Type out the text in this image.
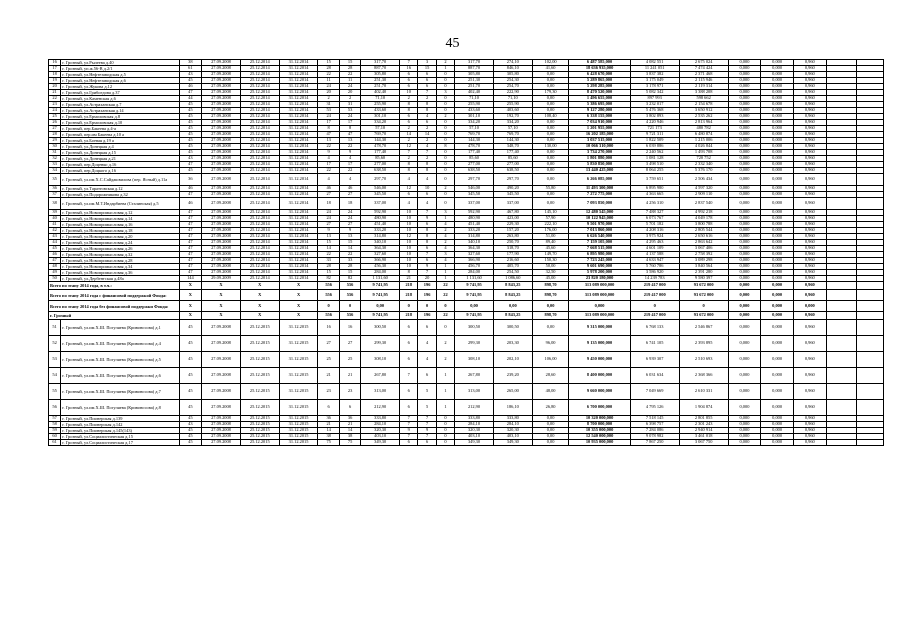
45
16	г. Грозный, ул.Рылеева д.40	38	27.09.2008	25.12.2014	31.12.2014	15	15	317,70	7	3	2	317,70	274,10	102,00	6 487 585,000	4 082 551	2 675 024	0,000	0,000	0,960		
17	г. Грозный, уп.ж.56-В д.2/1	61	27.09.2008	25.12.2014	31.12.2014	28	28	887,70	16	15	1	887,70	846,10	41,60	18 636 935,000	11 241 051	7 474 424	0,000	0,000	0,960		
18	г. Грозный, ул.Нефтезаводская д.5	43	27.09.2008	25.12.2014	31.12.2014	22	22	305,80	6	6	0	305,80	305,80	0,00	6 428 670,000	3 837 382	2 371 468	0,000	0,000	0,960		
19	г. Грозный, ул.Нефтезаводская д.6	45	27.09.2008	25.12.2014	31.12.2014	11	11	251,30	6	6	0	251,30	254,30	0,00	5 289 865,000	3 175 049	2 115 946	0,000	0,000	0,960		
20	г. Грозный, ул.Жукова д.12	46	27.09.2008	25.12.2014	31.12.2014	24	24	251,70	6	6	0	251,70	254,70	0,00	5 298 285,000	3 178 971	2 119 314	0,000	0,000	0,960		
21	г. Грозный, ул.Грибоедова д.37	47	27.09.2008	25.12.2014	31.12.2014	20	20	402,40	10	7	3	402,40	222,90	179,30	8 470 520,000	5 082 342	3 388 208	0,000	0,000	0,960		
22	г. Грозный, ул.Каменская д.6	44	27.09.2008	25.12.2014	31.12.2014	2	2	71,10	2	2	0	71,10	71,10	0,00	1 496 655,000	897 993	598 662	0,000	0,000	0,960		
23	г. Грозный, ул.Астраханская д.7	45	27.09.2008	25.12.2014	31.12.2014	31	31	255,90	8	8	0	255,90	255,90	0,00	5 386 695,000	3 232 017	2 154 678	0,000	0,000	0,960		
24	г. Грозный, ул.Астраханская д.14	45	27.09.2008	25.12.2014	31.12.2014	53	53	433,60	8	8	0	433,60	403,60	0,00	9 127 280,000	5 476 368	3 650 912	0,000	0,000	0,960		
25	г. Грозный, ул.Ермоловская д.8	45	27.09.2008	25.12.2014	31.12.2014	24	24	301,10	6	4	2	301,10	192,70	108,40	6 338 155,000	3 802 893	2 535 262	0,000	0,000	0,960		
26	г. Грозный, ул.Ермоловская д.10	45	27.09.2008	25.12.2014	31.12.2014	17	17	334,20	6	6	0	334,20	334,20	0,00	7 034 910,000	4 220 946	2 813 964	0,000	0,000	0,960		
27	г. Грозный, пер.Бакеева д.4-а	45	27.09.2008	25.12.2014	31.12.2014	8	8	57,10	2	2	0	57,10	57,10	0,00	1 201 955,000	721 173	480 782	0,000	0,000	0,960		
28	г. Грозный, пер.им Бакеева д.10 а	45	27.09.2008	25.12.2014	31.12.2014	47	47	769,70	14	14	0	769,70	769,70	0,00	16 202 185,000	9 721 311	6 480 874	0,000	0,000	0,960		
29	г. Грозный, ул.Боевая д.19 а	45	27.09.2008	25.12.2014	31.12.2014	13	13	144,30	2	2	0	144,30	144,30	0,00	3 037 515,000	1 822 509	1 215 006	0,000	0,000	0,960		
30	г. Грозный, ул.Донецкая д.4	45	27.09.2008	25.12.2014	31.12.2014	22	22	478,70	12	4	8	478,70	348,70	130,00	10 066 310,000	6 039 886	4 026 844	0,000	0,000	0,960		
31	г. Грозный, ул.Донецкая д.15	45	27.09.2008	25.12.2014	31.12.2014	9	9	177,40	7	7	0	177,40	177,40	0,00	3 734 270,000	2 240 562	1 493 708	0,000	0,000	0,960		
32	г. Грозный, ул.Донецкая д.21	43	27.09.2008	25.12.2014	31.12.2014	4	4	85,60	2	2	0	85,60	85,60	0,00	1 801 880,000	1 081 128	720 752	0,000	0,000	0,960		
33	г. Грозный, пер.Доценко д.16	47	27.09.2008	25.12.2014	31.12.2014	17	17	277,00	8	8	0	277,00	277,00	0,00	5 830 850,000	3 498 510	2 332 340	0,000	0,000	0,960		
34	г. Грозный, пер.Доцкого д.16	45	27.09.2008	25.12.2014	31.12.2014	22	22	638,50	8	8	0	638,50	638,50	0,00	13 440 425,000	8 064 255	5 376 170	0,000	0,000	0,960		
35	г. Грозный, ул.им.Х.С.Сайдашвилова (пер. Ясный) д.11а	36	27.09.2008	25.12.2014	31.12.2014	4	4	297,70	4	4	0	297,70	297,70	0,00	6 266 085,000	3 759 651	2 506 434	0,000	0,000	0,960		
36	г. Грозный, ул.Таразтовская д.12	46	27.09.2008	25.12.2014	31.12.2014	46	46	546,00	12	10	2	546,00	490,20	55,80	11 493 300,000	6 895 980	4 597 320	0,000	0,000	0,960		
37	г. Грозный, ул.Подорожникова д.32	47	27.09.2008	25.12.2014	31.12.2014	27	27	345,50	6	6	0	345,50	345,50	0,00	7 272 775,000	4 363 665	2 909 110	0,000	0,000	0,960		
38	г. Грозный, ул.им.М.Т.Индарбиева (Сталинская) д.5	46	27.09.2008	25.12.2014	31.12.2014	18	18	337,00	4	4	0	337,00	337,00	0,00	7 093 850,000	4 256 310	2 837 540	0,000	0,000	0,960		
39	г. Грозный, ул.Новопромысловая д.12	47	27.09.2008	25.12.2014	31.12.2014	24	24	592,90	10	7	3	592,90	467,80	145,10	12 480 545,000	7 488 327	4 992 218	0,000	0,000	0,960		
40	г. Грозный, ул.Новопромысловая д.14	47	27.09.2008	25.12.2014	31.12.2014	24	24	480,90	10	9	1	480,90	423,00	57,90	10 122 945,000	6 073 767	4 049 178	0,000	0,000	0,960		
41	г. Грозный, ул.Новопромысловая д.16	47	27.09.2008	25.12.2014	31.12.2014	27	27	451,40	10	6	4	451,40	229,30	222,10	9 501 970,000	5 701 182	3 800 788	0,000	0,000	0,960		
42	г. Грозный, ул.Новопромысловая д.18	47	27.09.2008	25.12.2014	31.12.2014	9	9	333,20	10	8	2	333,20	157,20	176,00	7 013 860,000	4 208 316	2 805 544	0,000	0,000	0,960		
43	г. Грозный, ул.Новопромысловая д.20	47	27.09.2008	25.12.2014	31.12.2014	13	13	314,80	12	8	4	314,80	263,80	51,00	6 626 540,000	3 975 924	2 650 616	0,000	0,000	0,960		
44	г. Грозный, ул.Новопромысловая д.24	47	27.09.2008	25.12.2014	31.12.2014	15	15	340,10	10	8	2	340,10	250,70	89,40	7 159 105,000	4 295 463	2 863 642	0,000	0,000	0,960		
45	г. Грозный, ул.Новопромысловая д.26	47	27.09.2008	25.12.2014	31.12.2014	14	14	364,30	10	6	4	364,30	318,70	45,60	7 668 515,000	4 601 109	3 067 406	0,000	0,000	0,960		
46	г. Грозный, ул.Новопромысловая д.32	47	27.09.2008	25.12.2014	31.12.2014	22	22	327,60	10	7	3	327,60	177,90	149,70	6 895 980,000	4 137 588	2 758 392	0,000	0,000	0,960		
47	г. Грозный, ул.Новопромысловая д.28	47	27.09.2008	25.12.2014	31.12.2014	33	33	366,90	10	6	4	366,90	216,60	150,30	7 723 245,000	4 633 947	3 089 298	0,000	0,000	0,960		
48	г. Грозный, ул.Новопромысловая д.34	47	27.09.2008	25.12.2014	31.12.2014	28	28	456,30	10	9	1	456,70	405,70	50,00	9 601 690,000	5 760 786	3 840 564	0,000	0,000	0,960		
49	г. Грозный, ул.Новопромысловая д.36	47	27.09.2008	25.12.2014	31.12.2014	15	15	284,00	8	7	1	284,00	254,50	32,50	5 978 200,000	3 586 920	2 391 280	0,000	0,000	0,960		
50	г. Грозный, ул.Дербентская д.48а	144	29.09.2009	25.12.2014	31.12.2014	82	82	1 131,60	21	20	1	1 131,60	1 086,60	45,00	23 820 180,000	14 239 783	9 580 397	0,000	0,000	0,960		
Всего по этапу 2014 года, в т.ч.:		X	X	X	X	556	556	9 741,95	218	196	22	9 741,95	8 843,25	898,70	313 089 000,000	219 417 000	93 672 000	0,000	0,000	0,960		
Всего по этапу 2014 года с финансовой поддержкой Фонда:		X	X	X	X	556	556	9 741,95	218	196	22	9 741,95	8 843,25	898,70	313 089 000,000	219 417 000	93 672 000	0,000	0,000	0,960		
Всего по этапу 2014 года без финансовой поддержки Фонда:		X	X	X	X	0	0	0,00	0	0	0	0,00	0,00	0,00	0,000	0	0	0,000	0,000	0,000		
г. Грозный		X	X	X	X	556	556	9 741,95	218	196	22	9 741,95	8 843,25	898,70	313 089 000,000	219 417 000	93 672 000	0,000	0,000	0,960		
51	г. Грозный, ул.им.Х.Ш. Погуляева (Кривоносова) д.1	45	27.09.2008	25.12.2015	31.12.2015	16	16	300,50	6	6	0	300,50	300,50	0,00	9 315 000,000	6 768 133	2 546 867	0,000	0,000	0,960		
52	г. Грозный, ул.им.Х.Ш. Погуляева (Кривоносова) д.4	45	27.09.2008	25.12.2015	31.12.2015	27	27	299,30	6	4	2	299,30	203,30	96,00	9 135 000,000	6 741 105	2 393 895	0,000	0,000	0,960		
53	г. Грозный, ул.им.Х.Ш. Погуляева (Кривоносова) д.5	45	27.09.2008	25.12.2015	31.12.2015	25	25	308,10	6	4	2	308,10	202,10	106,00	9 450 000,000	6 939 307	2 510 693	0,000	0,000	0,960		
54	г. Грозный, ул.им.Х.Ш. Погуляева (Кривоносова) д.6	45	27.09.2008	25.12.2015	31.12.2015	21	21	267,80	7	6	1	267,80	239,20	28,60	8 400 000,000	6 031 634	2 368 366	0,000	0,000	0,960		
55	г. Грозный, ул.им.Х.Ш. Погуляева (Кривоносова) д.7	45	27.09.2008	25.12.2015	31.12.2015	23	23	313,00	6	5	1	313,00	265,00	48,00	9 660 000,000	7 049 669	2 610 331	0,000	0,000	0,960		
56	г. Грозный, ул.им.Х.Ш. Погуляева (Кривоносова) д.8	45	27.09.2008	25.12.2015	31.12.2015	6	6	212,90	6	5	1	212,90	186,10	26,80	6 700 000,000	4 795 126	1 904 874	0,000	0,000	0,960		
57	г. Грозный, ул.Пионерская д.139	45	27.09.2008	25.12.2015	31.12.2015	36	36	333,80	7	7	0	333,80	333,80	0,00	10 320 000,000	7 518 145	2 801 855	0,000	0,000	0,960		
58	г. Грозный, ул.Пионерская д.142	43	27.09.2008	25.12.2015	31.12.2015	21	21	284,10	7	7	0	284,10	284,10	0,00	8 700 000,000	6 398 757	2 301 243	0,000	0,000	0,960		
59	г. Грозный, ул.Пионерская д.145(143)	45	27.09.2008	25.12.2015	31.12.2015	14	14	320,30	9	9	0	320,30	320,30	0,00	10 355 000,000	7 284 086	2 940 914	0,000	0,000	0,960		
60	г. Грозный, ул.Социалистическая д.15	45	27.09.2008	25.12.2015	31.12.2015	38	38	403,10	7	7	0	403,10	403,10	0,00	12 540 000,000	9 078 982	3 461 018	0,000	0,000	0,960		
61	г. Грозный, ул.Социалистическая д.17	45	27.09.2008	25.12.2015	31.12.2015	75	75	349,30	6	6	0	349,30	349,30	0,00	10 935 000,000	7 867 250	3 067 750	0,000	0,000	0,960		
